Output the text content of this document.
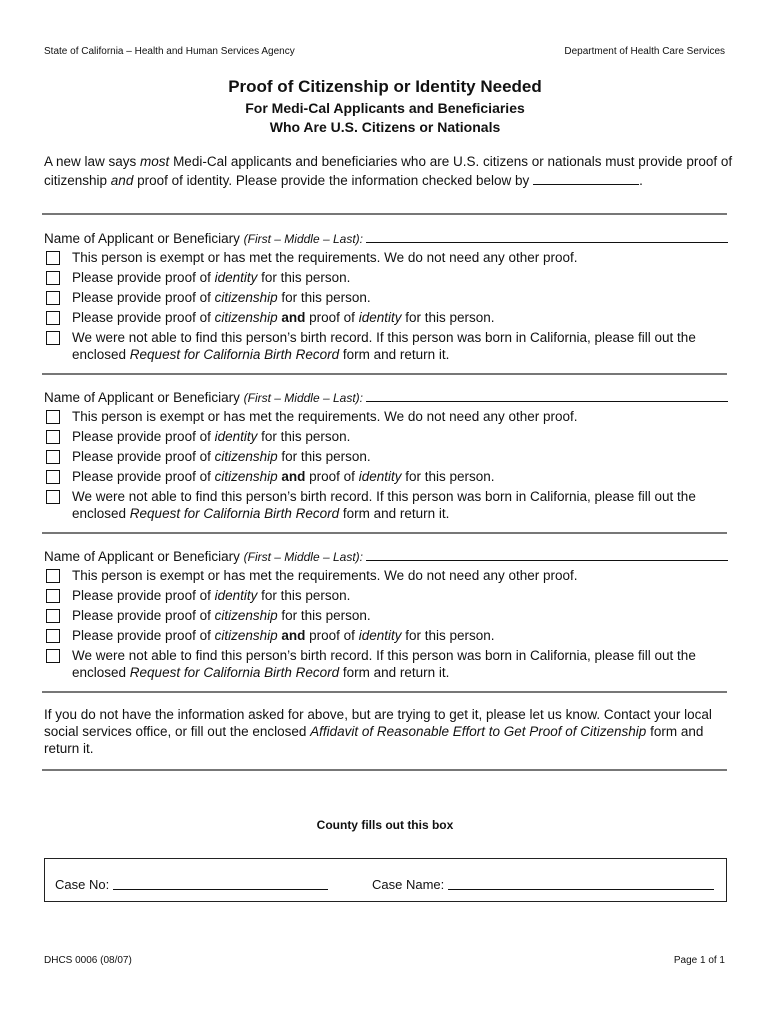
State of California – Health and Human Services Agency	Department of Health Care Services
Proof of Citizenship or Identity Needed
For Medi-Cal Applicants and Beneficiaries
Who Are U.S. Citizens or Nationals
A new law says most Medi-Cal applicants and beneficiaries who are U.S. citizens or nationals must provide proof of citizenship and proof of identity. Please provide the information checked below by	.
Name of Applicant or Beneficiary
(First – Middle – Last):
This person is exempt or has met the requirements. We do not need any other proof.
Please provide proof of identity for this person.
Please provide proof of citizenship for this person.
Please provide proof of citizenship and proof of identity for this person.
We were not able to find this person’s birth record. If this person was born in California, please fill out the enclosed Request for California Birth Record form and return it.
Name of Applicant or Beneficiary
(First – Middle – Last):
This person is exempt or has met the requirements. We do not need any other proof.
Please provide proof of identity for this person.
Please provide proof of citizenship for this person.
Please provide proof of citizenship and proof of identity for this person.
We were not able to find this person’s birth record. If this person was born in California, please fill out the enclosed Request for California Birth Record form and return it.
Name of Applicant or Beneficiary
(First – Middle – Last):
This person is exempt or has met the requirements. We do not need any other proof.
Please provide proof of identity for this person.
Please provide proof of citizenship for this person.
Please provide proof of citizenship and proof of identity for this person.
We were not able to find this person’s birth record. If this person was born in California, please fill out the enclosed Request for California Birth Record form and return it.
If you do not have the information asked for above, but are trying to get it, please let us know. Contact your local social services office, or fill out the enclosed Affidavit of Reasonable Effort to Get Proof of Citizenship form and return it.
County fills out this box
Case No:	Case Name:
DHCS 0006 (08/07)	Page 1 of 1
